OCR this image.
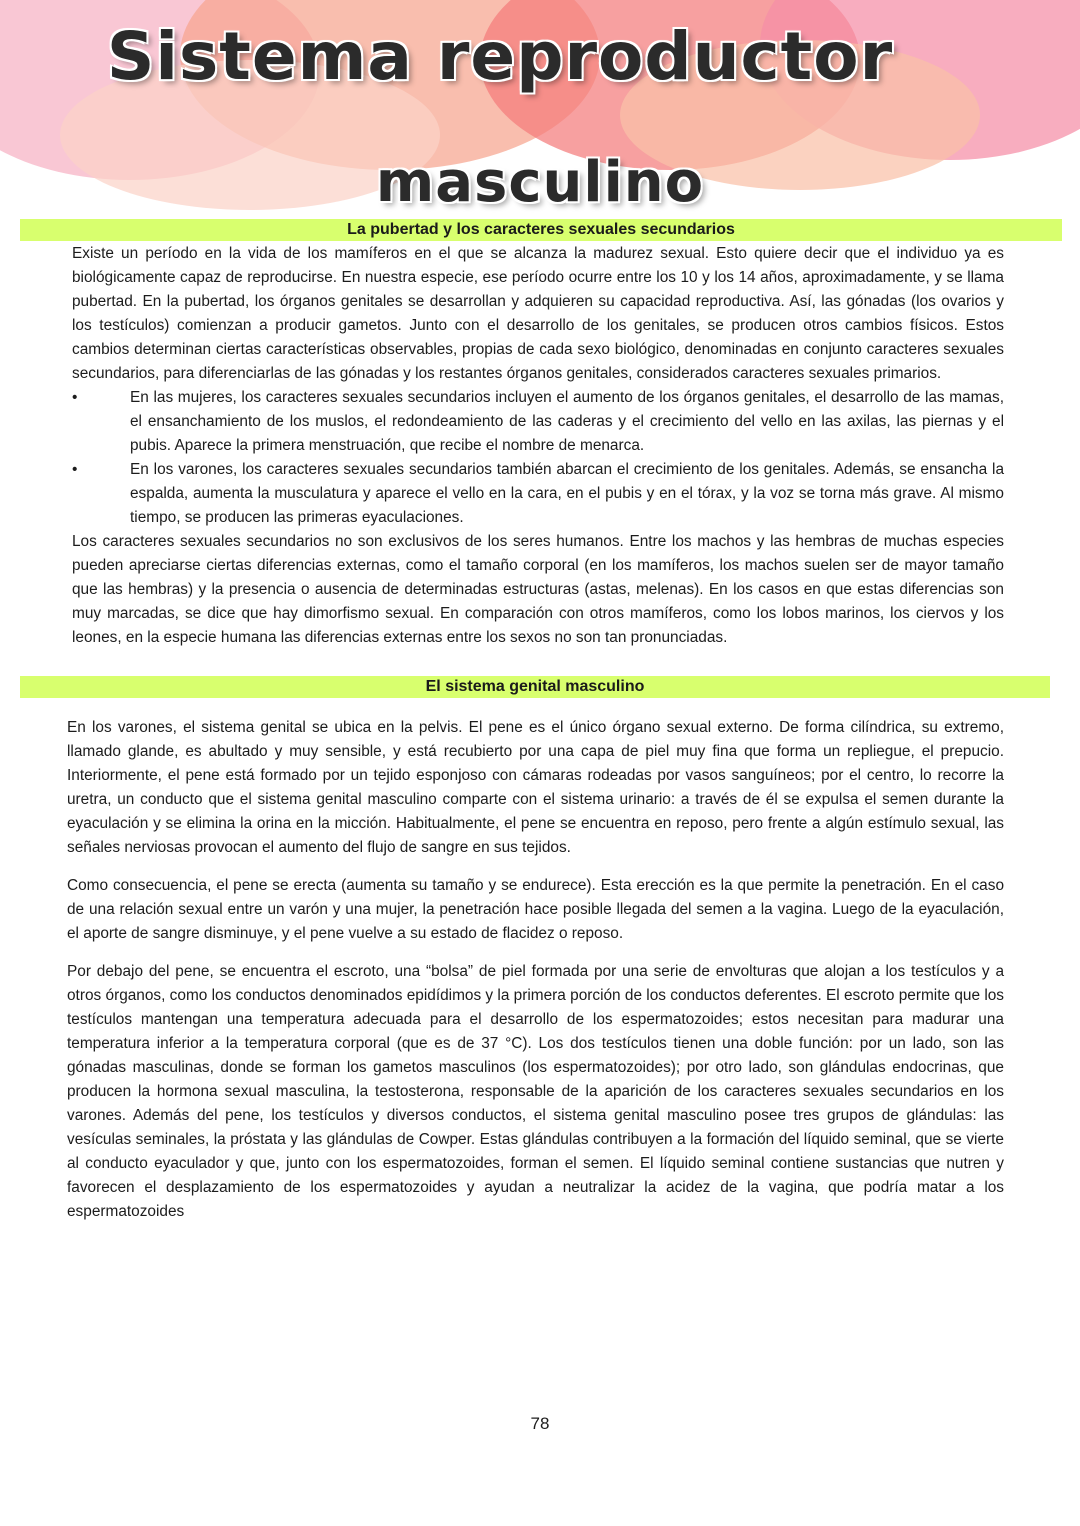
Sistema reproductor
masculino
La pubertad y los caracteres sexuales secundarios

Existe un período en la vida de los mamíferos en el que se alcanza la madurez sexual. Esto quiere decir que el individuo ya es biológicamente capaz de reproducirse. En nuestra especie, ese período ocurre entre los 10 y los 14 años, aproximadamente, y se llama pubertad. En la pubertad, los órganos genitales se desarrollan y adquieren su capacidad reproductiva. Así, las gónadas (los ovarios y los testículos) comienzan a producir gametos. Junto con el desarrollo de los genitales, se producen otros cambios físicos. Estos cambios determinan ciertas características observables, propias de cada sexo biológico, denominadas en conjunto caracteres sexuales secundarios, para diferenciarlas de las gónadas y los restantes órganos genitales, considerados caracteres sexuales primarios.

•	En las mujeres, los caracteres sexuales secundarios incluyen el aumento de los órganos genitales, el desarrollo de las mamas, el ensanchamiento de los muslos, el redondeamiento de las caderas y el crecimiento del vello en las axilas, las piernas y el pubis. Aparece la primera menstruación, que recibe el nombre de menarca.

•	En los varones, los caracteres sexuales secundarios también abarcan el crecimiento de los genitales. Además, se ensancha la espalda, aumenta la musculatura y aparece el vello en la cara, en el pubis y en el tórax, y la voz se torna más grave. Al mismo tiempo, se producen las primeras eyaculaciones.

Los caracteres sexuales secundarios no son exclusivos de los seres humanos. Entre los machos y las hembras de muchas especies pueden apreciarse ciertas diferencias externas, como el tamaño corporal (en los mamíferos, los machos suelen ser de mayor tamaño que las hembras) y la presencia o ausencia de determinadas estructuras (astas, melenas). En los casos en que estas diferencias son muy marcadas, se dice que hay dimorfismo sexual. En comparación con otros mamíferos, como los lobos marinos, los ciervos y los leones, en la especie humana las diferencias externas entre los sexos no son tan pronunciadas.

El sistema genital masculino

En los varones, el sistema genital se ubica en la pelvis. El pene es el único órgano sexual externo. De forma cilíndrica, su extremo, llamado glande, es abultado y muy sensible, y está recubierto por una capa de piel muy fina que forma un repliegue, el prepucio. Interiormente, el pene está formado por un tejido esponjoso con cámaras rodeadas por vasos sanguíneos; por el centro, lo recorre la uretra, un conducto que el sistema genital masculino comparte con el sistema urinario: a través de él se expulsa el semen durante la eyaculación y se elimina la orina en la micción. Habitualmente, el pene se encuentra en reposo, pero frente a algún estímulo sexual, las señales nerviosas provocan el aumento del flujo de sangre en sus tejidos.

Como consecuencia, el pene se erecta (aumenta su tamaño y se endurece). Esta erección es la que permite la penetración. En el caso de una relación sexual entre un varón y una mujer, la penetración hace posible llegada del semen a la vagina. Luego de la eyaculación, el aporte de sangre disminuye, y el pene vuelve a su estado de flacidez o reposo.

Por debajo del pene, se encuentra el escroto, una “bolsa” de piel formada por una serie de envolturas que alojan a los testículos y a otros órganos, como los conductos denominados epidídimos y la primera porción de los conductos deferentes. El escroto permite que los testículos mantengan una temperatura adecuada para el desarrollo de los espermatozoides; estos necesitan para madurar una temperatura inferior a la temperatura corporal (que es de 37 °C). Los dos testículos tienen una doble función: por un lado, son las gónadas masculinas, donde se forman los gametos masculinos (los espermatozoides); por otro lado, son glándulas endocrinas, que producen la hormona sexual masculina, la testosterona, responsable de la aparición de los caracteres sexuales secundarios en los varones. Además del pene, los testículos y diversos conductos, el sistema genital masculino posee tres grupos de glándulas: las vesículas seminales, la próstata y las glándulas de Cowper. Estas glándulas contribuyen a la formación del líquido seminal, que se vierte al conducto eyaculador y que, junto con los espermatozoides, forman el semen. El líquido seminal contiene sustancias que nutren y favorecen el desplazamiento de los espermatozoides y ayudan a neutralizar la acidez de la vagina, que podría matar a los espermatozoides

78
